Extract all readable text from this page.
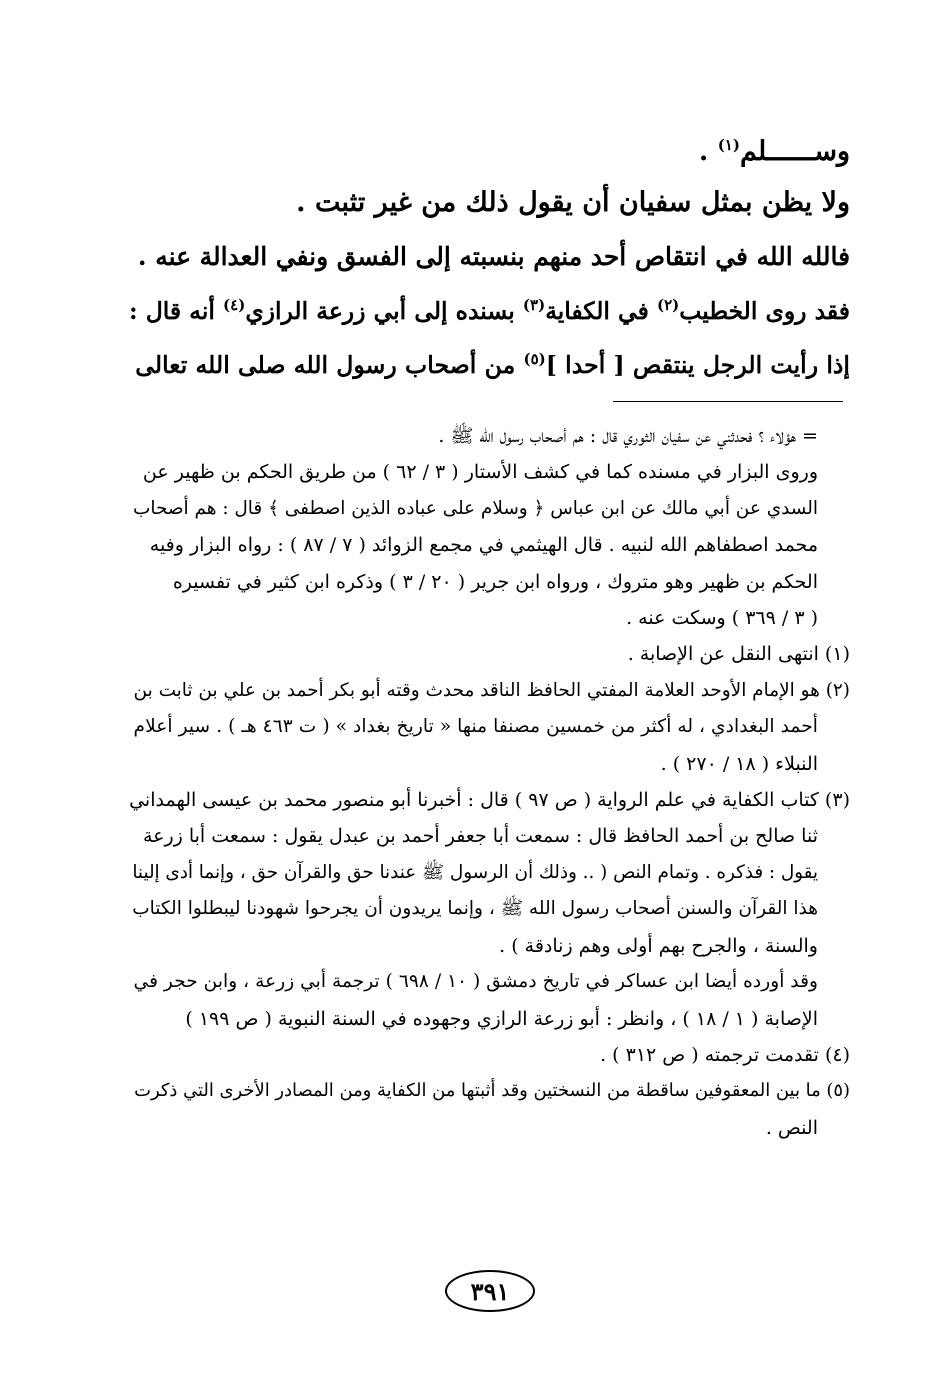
وســــــلم$^{(١)}$ .
ولا يظن بمثل سفيان أن يقول ذلك من غير تثبت .
فالله الله في انتقاص أحد منهم بنسبته إلى الفسق ونفي العدالة عنه .
فقد روى الخطيب$^{(٢)}$ في الكفاية$^{(٣)}$ بسنده إلى أبي زرعة الرازي$^{(٤)}$ أنه قال :
إذا رأيت الرجل ينتقص [ أحدا ]$^{(٥)}$ من أصحاب رسول الله صلى الله تعالى
= هؤلاء ؟ فحدثني عن سفيان الثوري قال : هم أصحاب رسول الله ﷺ .
وروى البزار في مسنده كما في كشف الأستار ( ٣ / ٦٢ ) من طريق الحكم بن ظهير عن
السدي عن أبي مالك عن ابن عباس ﴿ وسلام على عباده الذين اصطفى ﴾ قال : هم أصحاب
محمد اصطفاهم الله لنبيه . قال الهيثمي في مجمع الزوائد ( ٧ / ٨٧ ) : رواه البزار وفيه
الحكم بن ظهير وهو متروك ، ورواه ابن جرير ( ٢٠ / ٣ ) وذكره ابن كثير في تفسيره
( ٣ / ٣٦٩ ) وسكت عنه .
(١) انتهى النقل عن الإصابة .
(٢) هو الإمام الأوحد العلامة المفتي الحافظ الناقد محدث وقته أبو بكر أحمد بن علي بن ثابت بن
أحمد البغدادي ، له أكثر من خمسين مصنفا منها « تاريخ بغداد » ( ت ٤٦٣ هـ ) . سير أعلام
النبلاء ( ١٨ / ٢٧٠ ) .
(٣) كتاب الكفاية في علم الرواية ( ص ٩٧ ) قال : أخبرنا أبو منصور محمد بن عيسى الهمداني
ثنا صالح بن أحمد الحافظ قال : سمعت أبا جعفر أحمد بن عبدل يقول : سمعت أبا زرعة
يقول : فذكره . وتمام النص ( .. وذلك أن الرسول ﷺ عندنا حق والقرآن حق ، وإنما أدى إلينا
هذا القرآن والسنن أصحاب رسول الله ﷺ ، وإنما يريدون أن يجرحوا شهودنا ليبطلوا الكتاب
والسنة ، والجرح بهم أولى وهم زنادقة ) .
وقد أورده أيضا ابن عساكر في تاريخ دمشق ( ١٠ / ٦٩٨ ) ترجمة أبي زرعة ، وابن حجر في
الإصابة ( ١ / ١٨ ) ، وانظر : أبو زرعة الرازي وجهوده في السنة النبوية ( ص ١٩٩ )
(٤) تقدمت ترجمته ( ص ٣١٢ ) .
(٥) ما بين المعقوفين ساقطة من النسختين وقد أثبتها من الكفاية ومن المصادر الأخرى التي ذكرت
النص .
٣٩١
